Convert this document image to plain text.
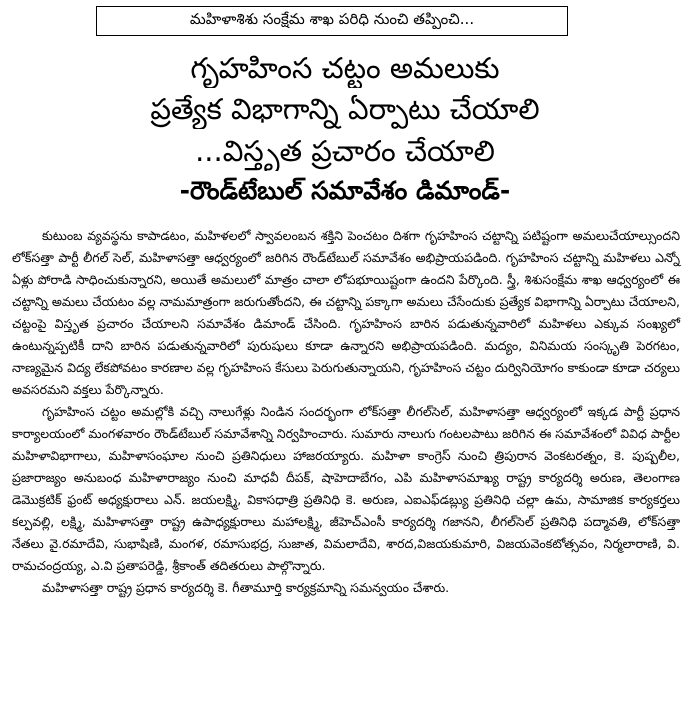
మహిళాశిశు సంక్షేమ శాఖ పరిధి నుంచి తప్పించి...
గృహహింస చట్టం అమలుకు
ప్రత్యేక విభాగాన్ని ఏర్పాటు చేయాలి
...విస్తృత ప్రచారం చేయాలి
-రౌండ్‌టేబుల్ సమావేశం డిమాండ్-

కుటుంబ వ్యవస్థను కాపాడటం, మహిళలలో స్వావలంబన శక్తిని పెంచటం దిశగా గృహహింస చట్టాన్ని పటిష్టంగా అమలుచేయాల్సుందని లోక్‌సత్తా పార్టీ లీగల్ సెల్, మహిళాసత్తా ఆధ్వర్యంలో జరిగిన రౌండ్‌టేబుల్ సమావేశం అభిప్రాయపడింది. గృహహింస చట్టాన్ని మహిళలు ఎన్నో ఏళ్లు పోరాడి సాధించుకున్నారని, అయితే అమలులో మాత్రం చాలా లోపభూయిష్టంగా ఉందని పేర్కొంది. స్త్రీ, శిశుసంక్షేమ శాఖ ఆధ్వర్యంలో ఈ చట్టాన్ని అమలు చేయటం వల్ల నామమాత్రంగా జరుగుతోందని, ఈ చట్టాన్ని పక్కాగా అమలు చేసేందుకు ప్రత్యేక విభాగాన్ని ఏర్పాటు చేయాలని, చట్టంపై విస్తృత ప్రచారం చేయాలని సమావేశం డిమాండ్ చేసింది. గృహహింస బారిన పడుతున్నవారిలో మహిళలు ఎక్కువ సంఖ్యలో ఉంటున్నప్పటికీ దాని బారిన పడుతున్నవారిలో పురుషులు కూడా ఉన్నారని అభిప్రాయపడింది. మద్యం, వినిమయ సంస్కృతి పెరగటం, నాణ్యమైన విద్య లేకపోవటం కారణాల వల్ల గృహహింస కేసులు పెరుగుతున్నాయని, గృహహింస చట్టం దుర్వినియోగం కాకుండా కూడా చర్యలు అవసరమని వక్తలు పేర్కొన్నారు.

గృహహింస చట్టం అమల్లోకి వచ్చి నాలుగేళ్లు నిండిన సందర్భంగా లోక్‌సత్తా లీగల్‌సెల్, మహిళాసత్తా ఆధ్వర్యంలో ఇక్కడ పార్టీ ప్రధాన కార్యాలయంలో మంగళవారం రౌండ్‌టేబుల్ సమావేశాన్ని నిర్వహించారు. సుమారు నాలుగు గంటలపాటు జరిగిన ఈ సమావేశంలో వివిధ పార్టీల మహిళావిభాగాలు, మహిళాసంఘాల నుంచి ప్రతినిధులు హాజరయ్యారు. మహిళా కాంగ్రెస్ నుంచి త్రిపురాన వెంకటరత్నం, కె. పుష్పలీల, ప్రజారాజ్యం అనుబంధ మహిళారాజ్యం నుంచి మాధవీ దీపక్, షాహెదాబేగం, ఎపి మహిళాసమాఖ్య రాష్ట్ర కార్యదర్శి అరుణ, తెలంగాణ డెమొక్రటిక్ ఫ్రంట్ అధ్యక్షురాలు ఎన్. జయలక్ష్మి, వికాసధాత్రి ప్రతినిధి కె. అరుణ, ఎఐఎఫ్‌డబ్ల్యు ప్రతినిధి చల్లా ఉమ, సామాజిక కార్యకర్తలు కల్పవల్లి, లక్ష్మి, మహిళాసత్తా రాష్ట్ర ఉపాధ్యక్షురాలు మహాలక్ష్మి, జీహెచ్ఎంసీ కార్యదర్శి గజానని, లీగల్‌సెల్ ప్రతినిధి పద్మావతి, లోక్‌సత్తా నేతలు వై.రమాదేవి, సుభాషిణి, మంగళ, రమాసుభద్ర, సుజాత, విమలాదేవి, శారద,విజయకుమారి, విజయవెంకటోత్సవం, నిర్మలారాణి, వి. రామచంద్రయ్య, ఎ.వి ప్రతాపరెడ్డి, శ్రీకాంత్ తదితరులు పాల్గొన్నారు.

మహిళాసత్తా రాష్ట్ర ప్రధాన కార్యదర్శి కె. గీతామూర్తి కార్యక్రమాన్ని సమన్వయం చేశారు.
